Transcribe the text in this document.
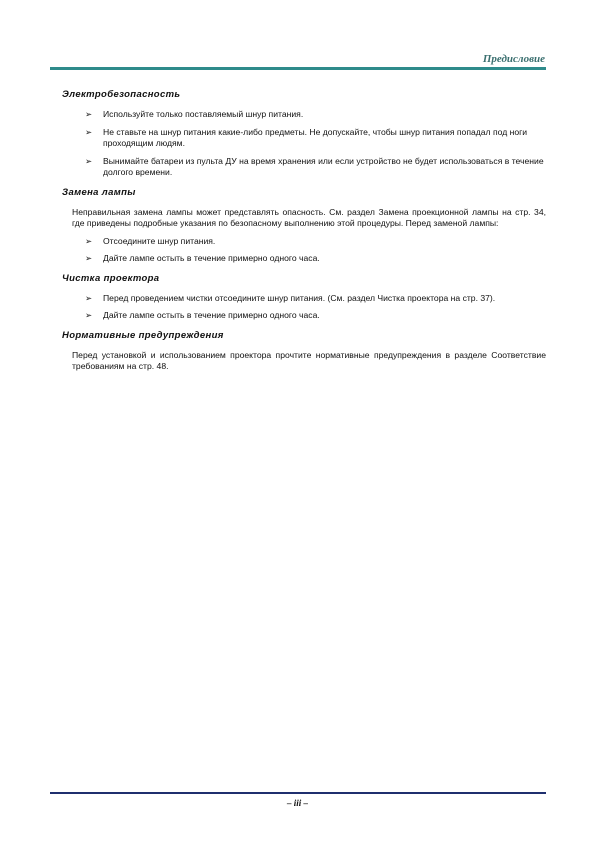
Предисловие
Электробезопасность
➢ Используйте только поставляемый шнур питания.
➢ Не ставьте на шнур питания какие-либо предметы. Не допускайте, чтобы шнур питания попадал под ноги проходящим людям.
➢ Вынимайте батареи из пульта ДУ на время хранения или если устройство не будет использоваться в течение долгого времени.
Замена лампы

Неправильная замена лампы может представлять опасность. См. раздел Замена проекционной лампы на стр. 34, где приведены подробные указания по безопасному выполнению этой процедуры. Перед заменой лампы:

➢ Отсоедините шнур питания.
➢ Дайте лампе остыть в течение примерно одного часа.
Чистка проектора
➢ Перед проведением чистки отсоедините шнур питания. (См. раздел Чистка проектора на стр. 37).
➢ Дайте лампе остыть в течение примерно одного часа.
Нормативные предупреждения

Перед установкой и использованием проектора прочтите нормативные предупреждения в разделе Соответствие требованиям на стр. 48.

– iii –
